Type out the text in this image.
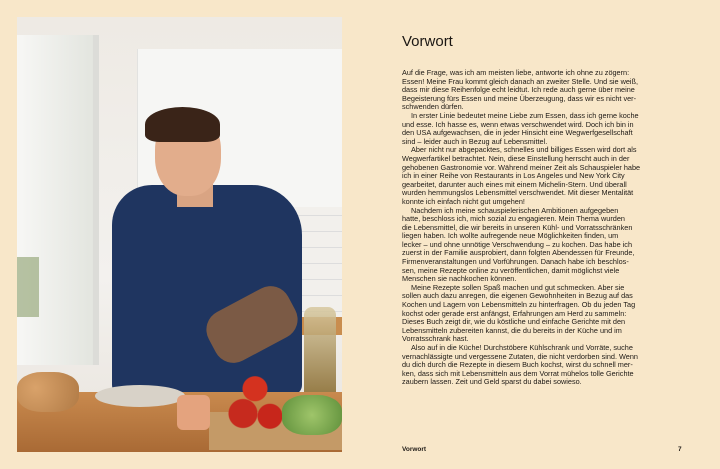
Vorwort
Auf die Frage, was ich am meisten liebe, antworte ich ohne zu zögern:
Essen! Meine Frau kommt gleich danach an zweiter Stelle. Und sie weiß,
dass mir diese Reihenfolge echt leidtut. Ich rede auch gerne über meine
Begeisterung fürs Essen und meine Überzeugung, dass wir es nicht ver-
schwenden dürfen.
In erster Linie bedeutet meine Liebe zum Essen, dass ich gerne koche
und esse. Ich hasse es, wenn etwas verschwendet wird. Doch ich bin in
den USA aufgewachsen, die in jeder Hinsicht eine Wegwerfgesellschaft
sind – leider auch in Bezug auf Lebensmittel.
Aber nicht nur abgepacktes, schnelles und billiges Essen wird dort als
Wegwerfartikel betrachtet. Nein, diese Einstellung herrscht auch in der
gehobenen Gastronomie vor. Während meiner Zeit als Schauspieler habe
ich in einer Reihe von Restaurants in Los Angeles und New York City
gearbeitet, darunter auch eines mit einem Michelin-Stern. Und überall
wurden hemmungslos Lebensmittel verschwendet. Mit dieser Mentalität
konnte ich einfach nicht gut umgehen!
Nachdem ich meine schauspielerischen Ambitionen aufgegeben
hatte, beschloss ich, mich sozial zu engagieren. Mein Thema wurden
die Lebensmittel, die wir bereits in unseren Kühl- und Vorratsschränken
liegen haben. Ich wollte aufregende neue Möglichkeiten finden, um
lecker – und ohne unnötige Verschwendung – zu kochen. Das habe ich
zuerst in der Familie ausprobiert, dann folgten Abendessen für Freunde,
Firmenveranstaltungen und Vorführungen. Danach habe ich beschlos-
sen, meine Rezepte online zu veröffentlichen, damit möglichst viele
Menschen sie nachkochen können.
Meine Rezepte sollen Spaß machen und gut schmecken. Aber sie
sollen auch dazu anregen, die eigenen Gewohnheiten in Bezug auf das
Kochen und Lagern von Lebensmitteln zu hinterfragen. Ob du jeden Tag
kochst oder gerade erst anfängst, Erfahrungen am Herd zu sammeln:
Dieses Buch zeigt dir, wie du köstliche und einfache Gerichte mit den
Lebensmitteln zubereiten kannst, die du bereits in der Küche und im
Vorratsschrank hast.
Also auf in die Küche! Durchstöbere Kühlschrank und Vorräte, suche
vernachlässigte und vergessene Zutaten, die nicht verdorben sind. Wenn
du dich durch die Rezepte in diesem Buch kochst, wirst du schnell mer-
ken, dass sich mit Lebensmitteln aus dem Vorrat mühelos tolle Gerichte
zaubern lassen. Zeit und Geld sparst du dabei sowieso.
Vorwort	7
